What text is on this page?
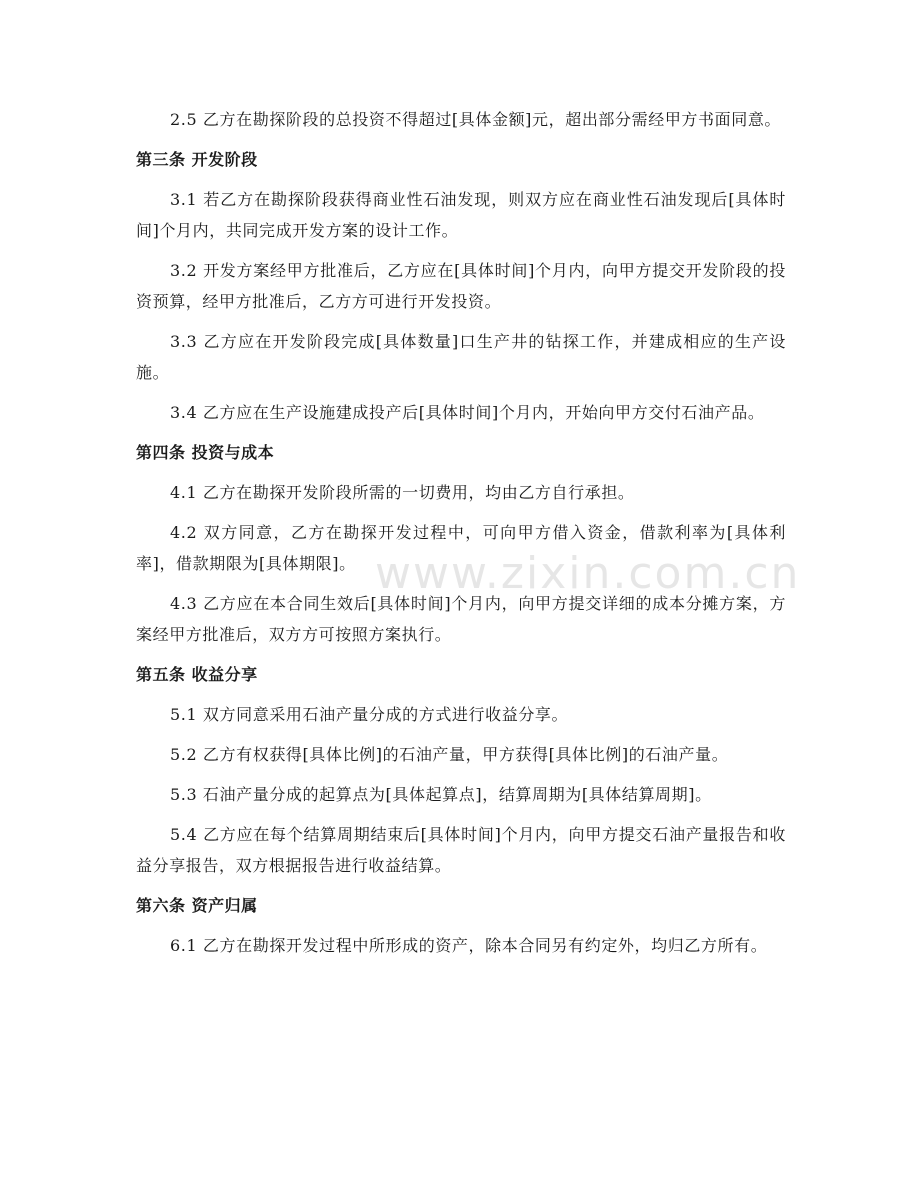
2.5 乙方在勘探阶段的总投资不得超过[具体金额]元，超出部分需经甲方书面同意。

第三条 开发阶段

3.1 若乙方在勘探阶段获得商业性石油发现，则双方应在商业性石油发现后[具体时间]个月内，共同完成开发方案的设计工作。

3.2 开发方案经甲方批准后，乙方应在[具体时间]个月内，向甲方提交开发阶段的投资预算，经甲方批准后，乙方方可进行开发投资。

3.3 乙方应在开发阶段完成[具体数量]口生产井的钻探工作，并建成相应的生产设施。

3.4 乙方应在生产设施建成投产后[具体时间]个月内，开始向甲方交付石油产品。

第四条 投资与成本

4.1 乙方在勘探开发阶段所需的一切费用，均由乙方自行承担。

4.2 双方同意，乙方在勘探开发过程中，可向甲方借入资金，借款利率为[具体利率]，借款期限为[具体期限]。

4.3 乙方应在本合同生效后[具体时间]个月内，向甲方提交详细的成本分摊方案，方案经甲方批准后，双方方可按照方案执行。

第五条 收益分享

5.1 双方同意采用石油产量分成的方式进行收益分享。

5.2 乙方有权获得[具体比例]的石油产量，甲方获得[具体比例]的石油产量。

5.3 石油产量分成的起算点为[具体起算点]，结算周期为[具体结算周期]。

5.4 乙方应在每个结算周期结束后[具体时间]个月内，向甲方提交石油产量报告和收益分享报告，双方根据报告进行收益结算。

第六条 资产归属

6.1 乙方在勘探开发过程中所形成的资产，除本合同另有约定外，均归乙方所有。

www.zixin.com.cn
